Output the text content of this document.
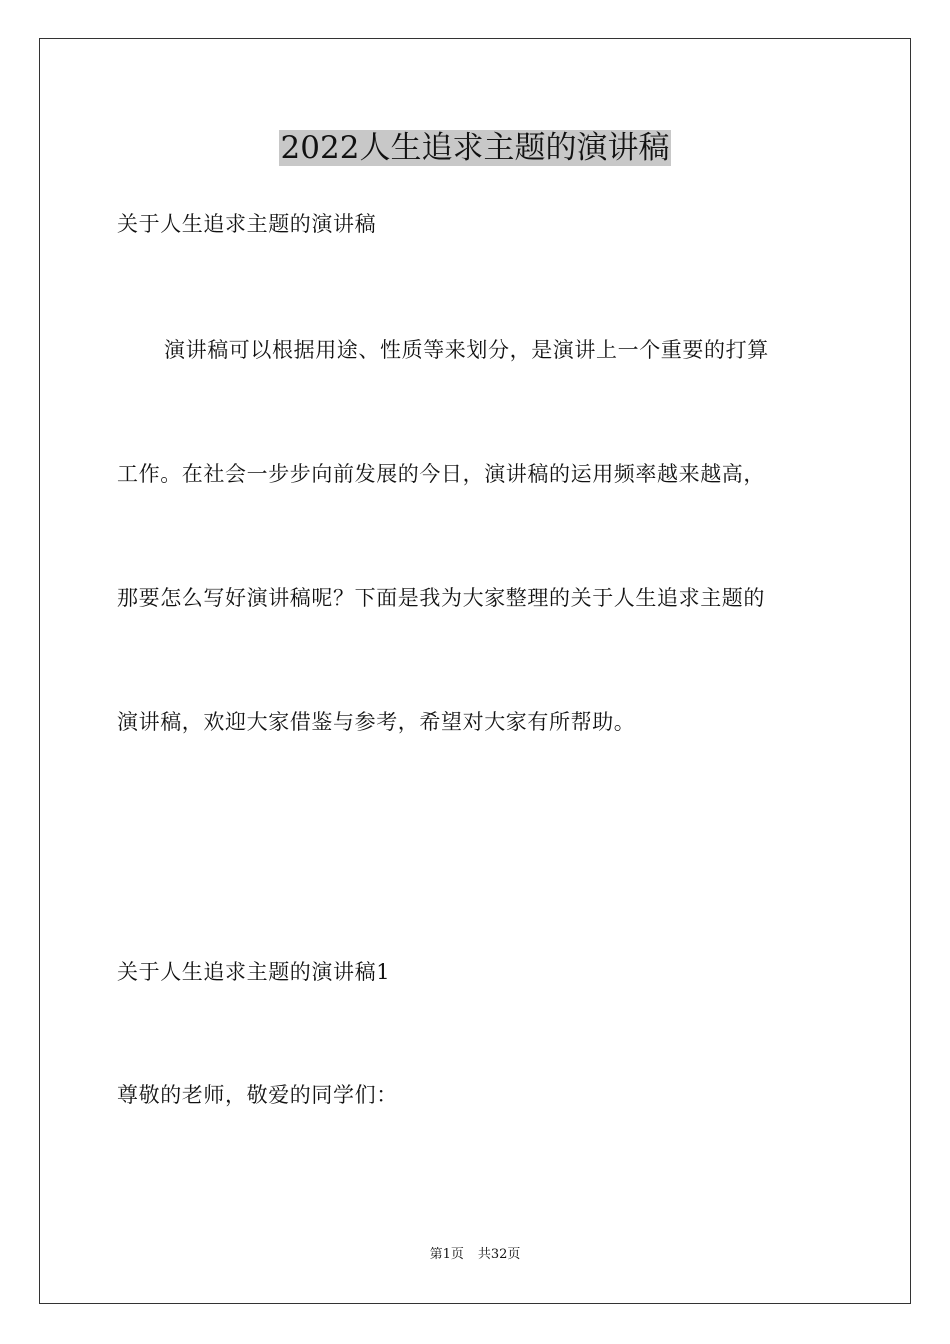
2022人生追求主题的演讲稿
关于人生追求主题的演讲稿
演讲稿可以根据用途、性质等来划分，是演讲上一个重要的打算
工作。在社会一步步向前发展的今日，演讲稿的运用频率越来越高，
那要怎么写好演讲稿呢？下面是我为大家整理的关于人生追求主题的
演讲稿，欢迎大家借鉴与参考，希望对大家有所帮助。
关于人生追求主题的演讲稿1
尊敬的老师，敬爱的同学们：
第1页 共32页
